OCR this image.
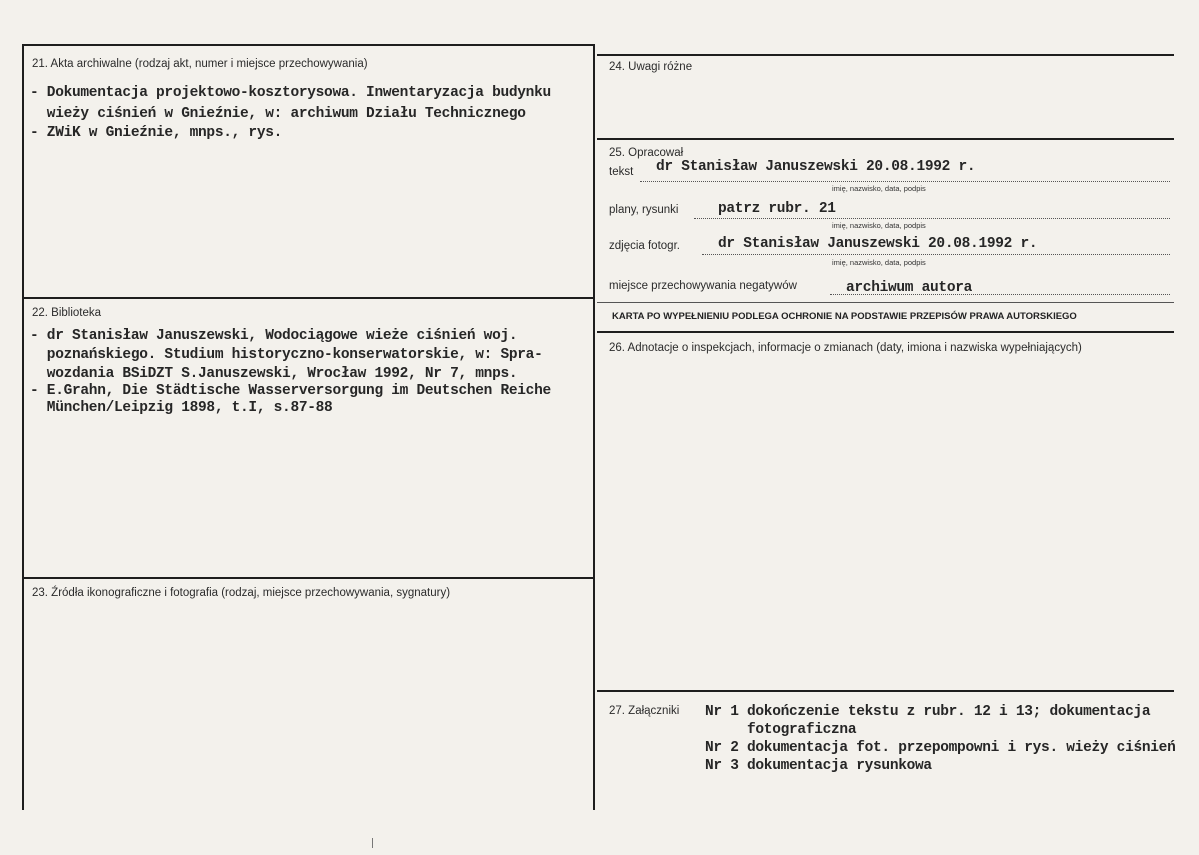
21. Akta archiwalne (rodzaj akt, numer i miejsce przechowywania)
- Dokumentacja projektowo-kosztorysowa. Inwentaryzacja budynku
wieży ciśnień w Gnieźnie, w: archiwum Działu Technicznego
- ZWiK w Gnieźnie, mnps., rys.
22. Biblioteka
- dr Stanisław Januszewski, Wodociągowe wieże ciśnień woj.
poznańskiego. Studium historyczno-konserwatorskie, w: Spra-
wozdania BSiDZT S.Januszewski, Wrocław 1992, Nr 7, mnps.
- E.Grahn, Die Städtische Wasserversorgung im Deutschen Reiche
München/Leipzig 1898, t.I, s.87-88
23. Źródła ikonograficzne i fotografia (rodzaj, miejsce przechowywania, sygnatury)
24. Uwagi różne
25. Opracował
tekst dr Stanisław Januszewski 20.08.1992 r.
imię, nazwisko, data, podpis
plany, rysunki	patrz rubr. 21
imię, nazwisko, data, podpis
zdjęcia fotogr.	dr Stanisław Januszewski 20.08.1992 r.
imię, nazwisko, data, podpis
miejsce przechowywania negatywów	archiwum autora
KARTA PO WYPEŁNIENIU PODLEGA OCHRONIE NA PODSTAWIE PRZEPISÓW PRAWA AUTORSKIEGO
26. Adnotacje o inspekcjach, informacje o zmianach (daty, imiona i nazwiska wypełniających)
27. Załączniki Nr 1 dokończenie tekstu z rubr. 12 i 13; dokumentacja
fotograficzna
Nr 2 dokumentacja fot. przepompowni i rys. wieży ciśnień
Nr 3 dokumentacja rysunkowa
